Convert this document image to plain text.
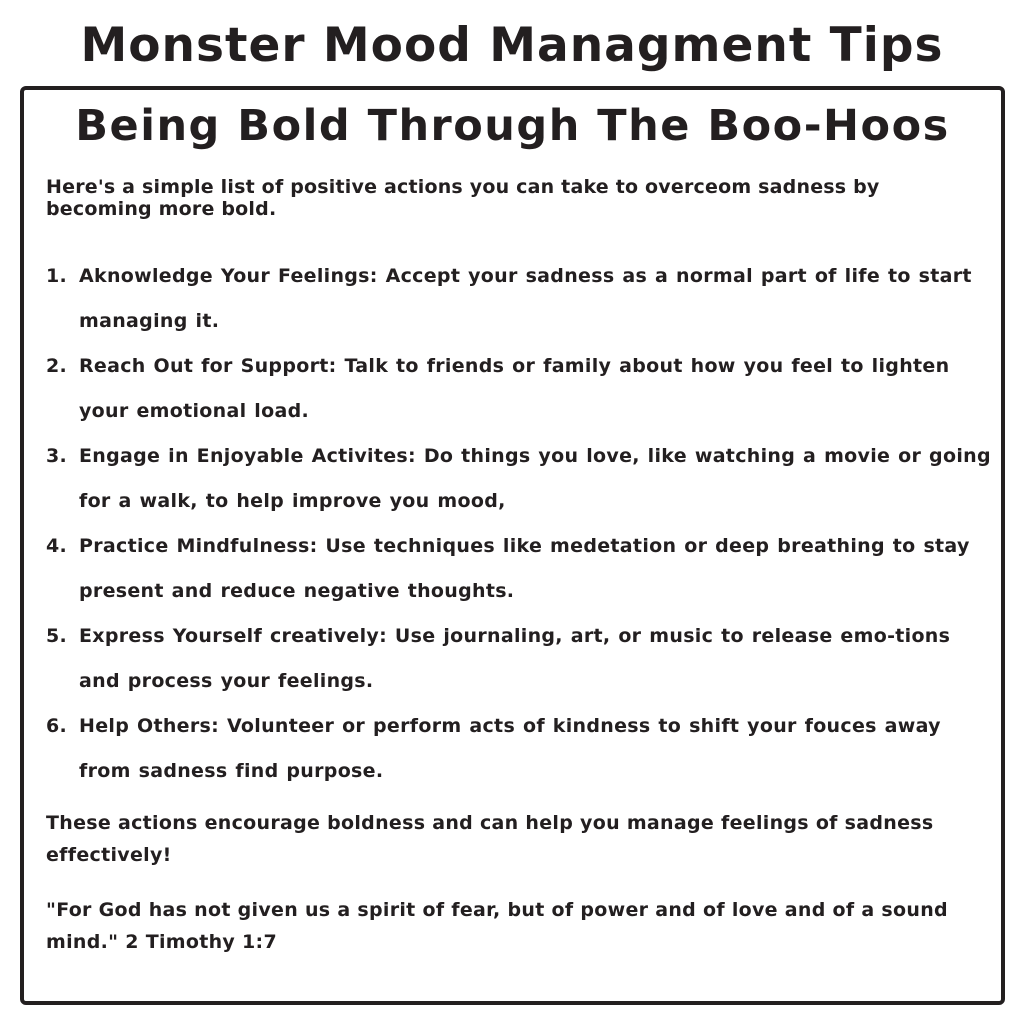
Monster Mood Managment Tips
Being Bold Through The Boo-Hoos
Here's a simple list of positive actions you can take to overceom sadness by becoming more bold.
1. Aknowledge Your Feelings: Accept your sadness as a normal part of life to start managing it.
2. Reach Out for Support: Talk to friends or family about how you feel to lighten your emotional load.
3. Engage in Enjoyable Activites: Do things you love, like watching a movie or going for a walk, to help improve you mood,
4. Practice Mindfulness: Use techniques like medetation or deep breathing to stay present and reduce negative thoughts.
5. Express Yourself creatively: Use journaling, art, or music to release emo-tions and process your feelings.
6. Help Others: Volunteer or perform acts of kindness to shift your fouces away from sadness find purpose.
These actions encourage boldness and can help you manage feelings of sadness effectively!
"For God has not given us a spirit of fear, but of power and of love and of a sound mind." 2 Timothy 1:7
